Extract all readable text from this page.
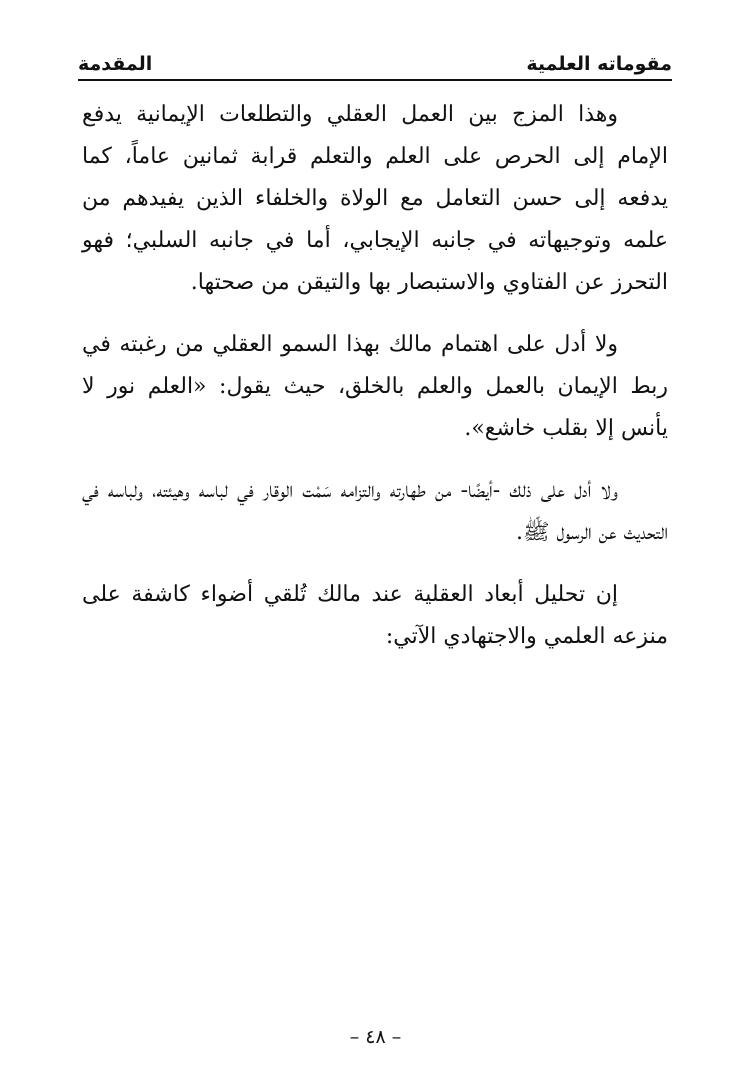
مقوماته العلمية
المقدمة

وهذا المزج بين العمل العقلي والتطلعات الإيمانية يدفع الإمام إلى الحرص على العلم والتعلم قرابة ثمانين عاماً، كما يدفعه إلى حسن التعامل مع الولاة والخلفاء الذين يفيدهم من علمه وتوجيهاته في جانبه الإيجابي، أما في جانبه السلبي؛ فهو التحرز عن الفتاوي والاستبصار بها والتيقن من صحتها.

ولا أدل على اهتمام مالك بهذا السمو العقلي من رغبته في ربط الإيمان بالعمل والعلم بالخلق، حيث يقول: «العلم نور لا يأنس إلا بقلب خاشع».

ولا أدل على ذلك -أيضًا- من طهارته والتزامه سَمْت الوقار في لباسه وهيئته، ولباسه في التحديث عن الرسول ﷺ.

إن تحليل أبعاد العقلية عند مالك تُلقي أضواء كاشفة على منزعه العلمي والاجتهادي الآتي:

– ٤٨ –
